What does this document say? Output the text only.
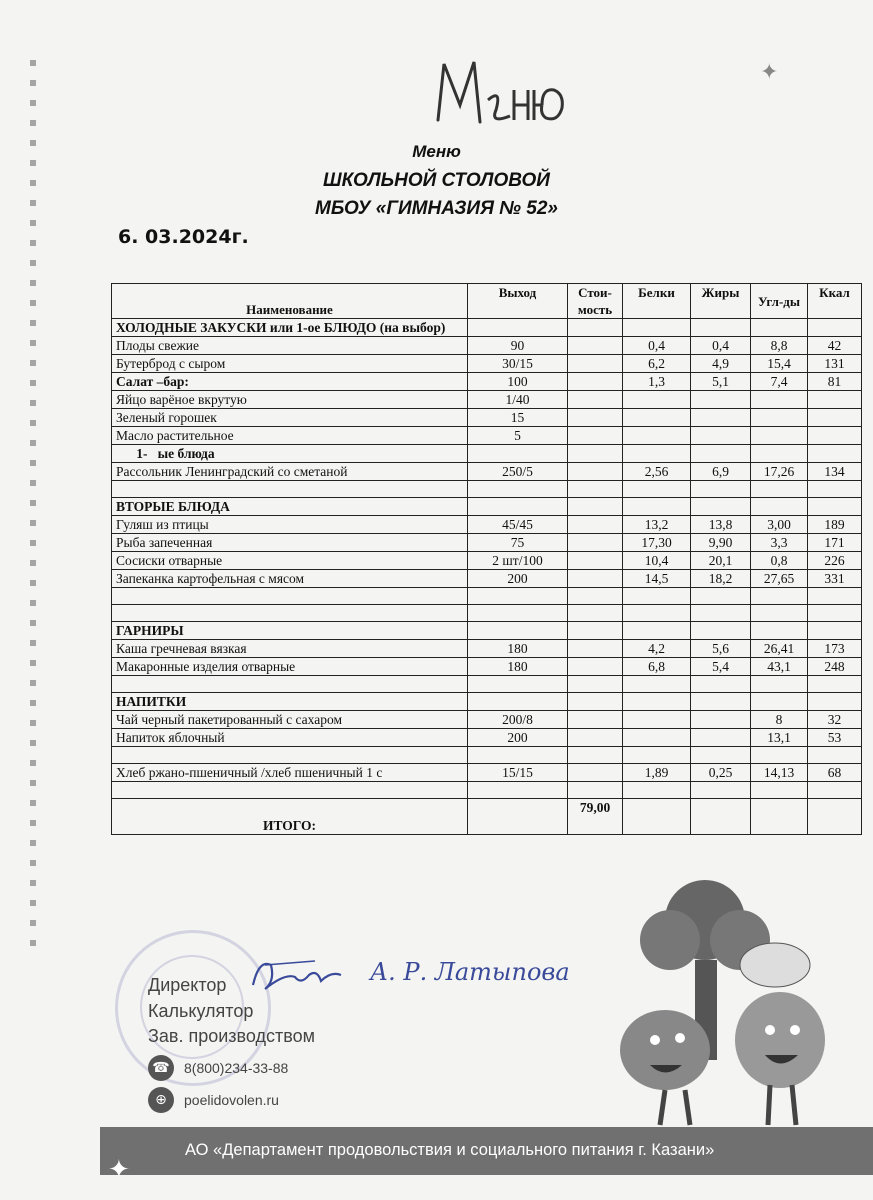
✦
✦
Меню
ШКОЛЬНОЙ СТОЛОВОЙ
МБОУ «ГИМНАЗИЯ № 52»
6. 03.2024г.
Наименование	Выход	Стои-мость	Белки	Жиры	Угл-ды	Ккал
ХОЛОДНЫЕ ЗАКУСКИ или 1-ое БЛЮДО (на выбор)						
Плоды свежие	90		0,4	0,4	8,8	42
Бутерброд с сыром	30/15		6,2	4,9	15,4	131
Салат –бар:	100		1,3	5,1	7,4	81
Яйцо варёное вкрутую	1/40					
Зеленый горошек	15					
Масло растительное	5					
1-   ые блюда						
Рассольник Ленинградский со сметаной	250/5		2,56	6,9	17,26	134

ВТОРЫЕ БЛЮДА						
Гуляш из птицы	45/45		13,2	13,8	3,00	189
Рыба запеченная	75		17,30	9,90	3,3	171
Сосиски отварные	2 шт/100		10,4	20,1	0,8	226
Запеканка картофельная с мясом	200		14,5	18,2	27,65	331

ГАРНИРЫ						
Каша гречневая вязкая	180		4,2	5,6	26,41	173
Макаронные изделия отварные	180		6,8	5,4	43,1	248

НАПИТКИ						
Чай черный пакетированный с сахаром	200/8				8	32
Напиток яблочный	200				13,1	53

Хлеб ржано-пшеничный /хлеб пшеничный 1 с	15/15		1,89	0,25	14,13	68

ИТОГО:		79,00				
Директор
Калькулятор
Зав. производством
А. Р. Латыпова
☎	8(800)234-33-88
⊕	poelidovolen.ru
АО «Департамент продовольствия и социального питания г. Казани»
